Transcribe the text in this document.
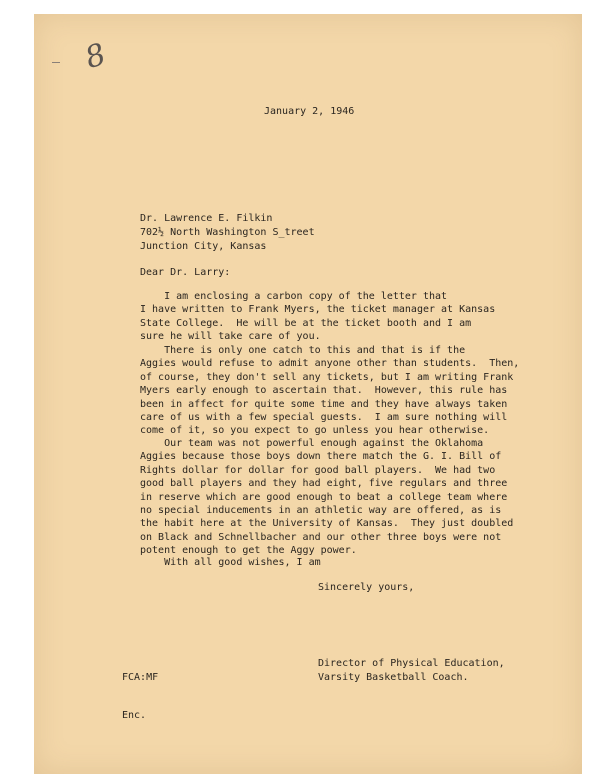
8

January 2, 1946

Dr. Lawrence E. Filkin

702½ North Washington S̲treet

Junction City, Kansas

Dear Dr. Larry:

I am enclosing a carbon copy of the letter that
I have written to Frank Myers, the ticket manager at Kansas
State College.  He will be at the ticket booth and I am
sure he will take care of you.

There is only one catch to this and that is if the
Aggies would refuse to admit anyone other than students.  Then,
of course, they don't sell any tickets, but I am writing Frank
Myers early enough to ascertain that.  However, this rule has
been in affect for quite some time and they have always taken
care of us with a few special guests.  I am sure nothing will
come of it, so you expect to go unless you hear otherwise.

Our team was not powerful enough against the Oklahoma
Aggies because those boys down there match the G. I. Bill of
Rights dollar for dollar for good ball players.  We had two
good ball players and they had eight, five regulars and three
in reserve which are good enough to beat a college team where
no special inducements in an athletic way are offered, as is
the habit here at the University of Kansas.  They just doubled
on Black and Schnellbacher and our other three boys were not
potent enough to get the Aggy power.

With all good wishes, I am

Sincerely yours,

Director of Physical Education,

Varsity Basketball Coach.

FCA:MF

Enc.
